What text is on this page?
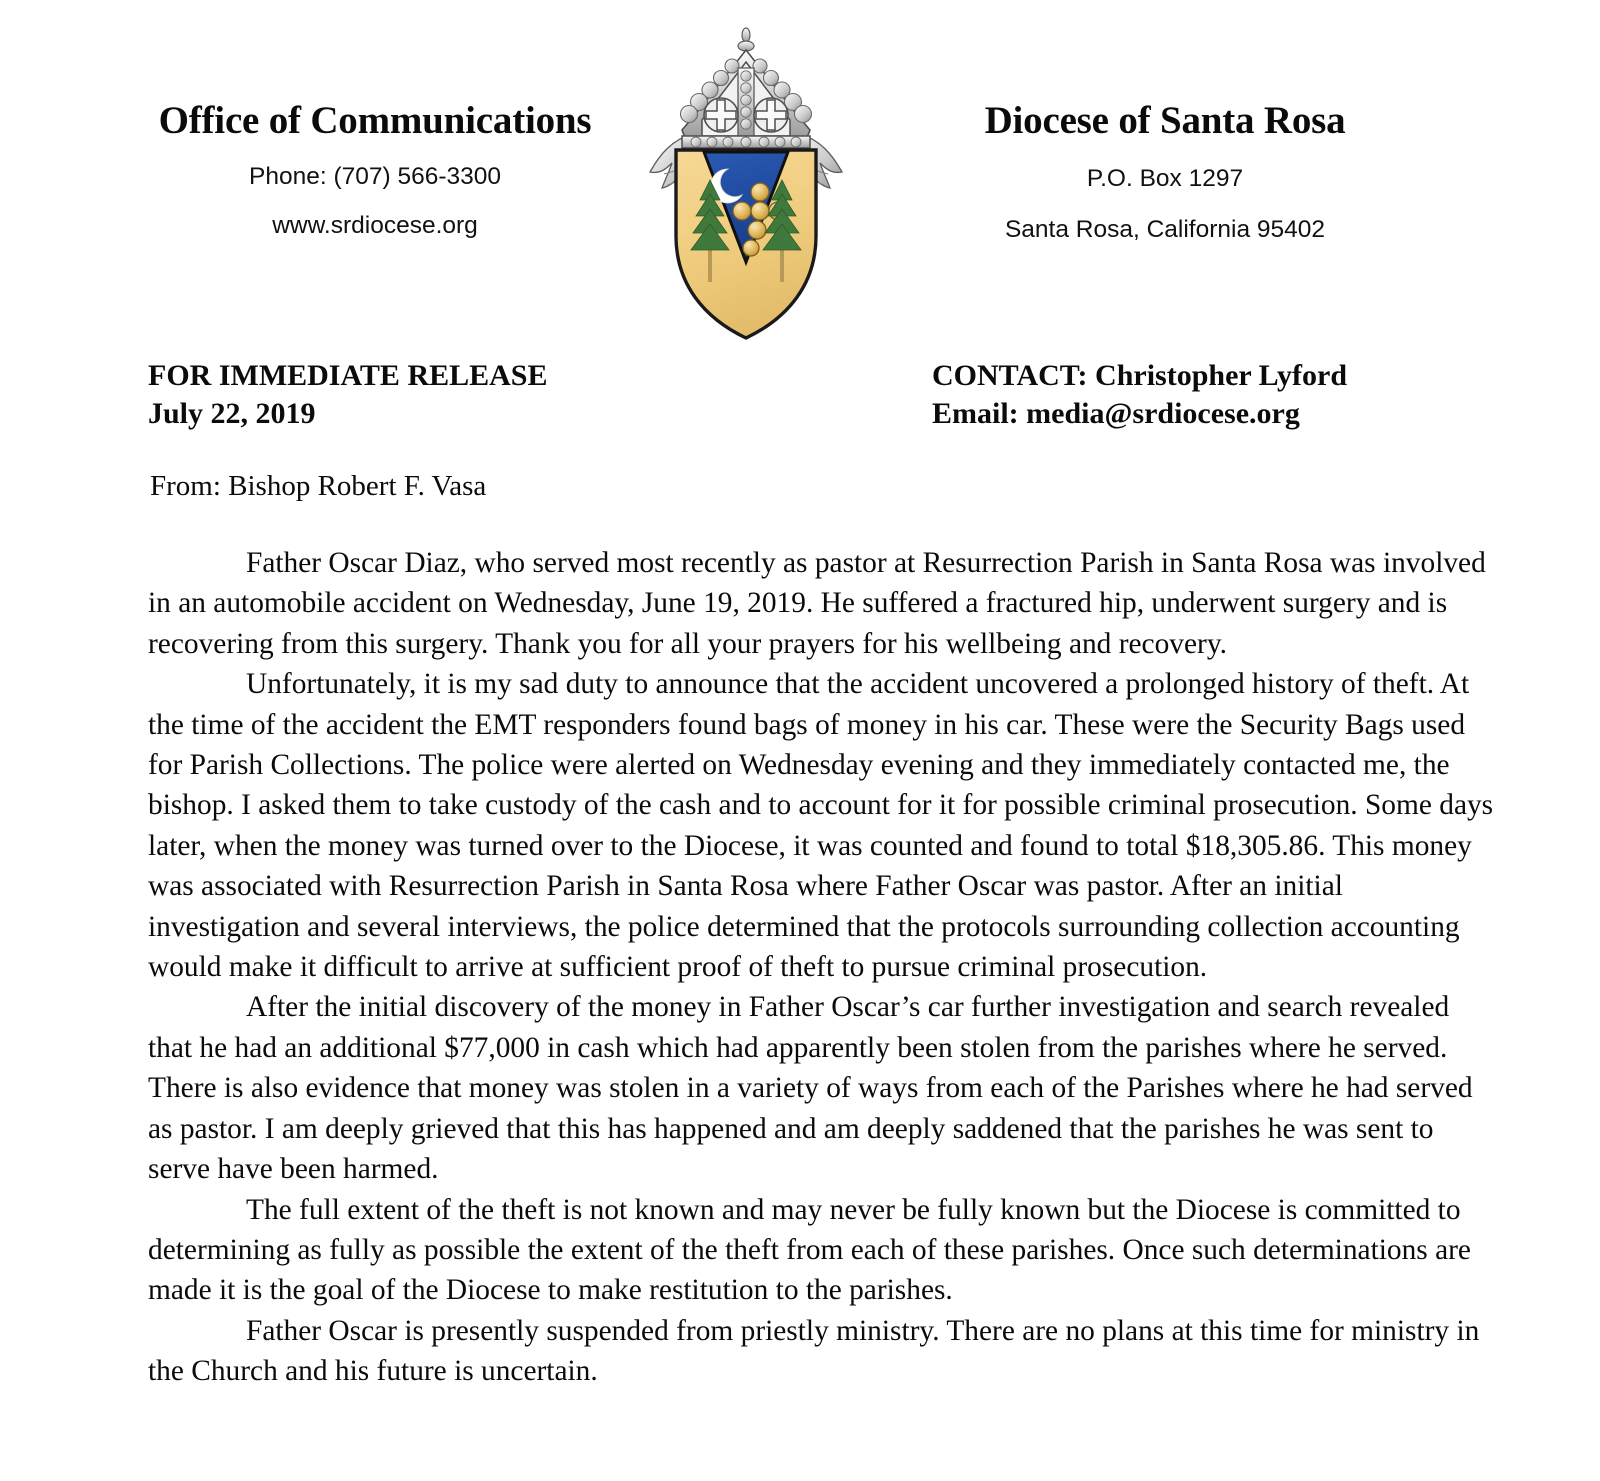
Office of Communications
Phone: (707) 566-3300
www.srdiocese.org
Diocese of Santa Rosa
P.O. Box 1297
Santa Rosa, California 95402
FOR IMMEDIATE RELEASE
July 22, 2019
CONTACT: Christopher Lyford
Email: media@srdiocese.org
From: Bishop Robert F. Vasa

Father Oscar Diaz, who served most recently as pastor at Resurrection Parish in Santa Rosa was involved in an automobile accident on Wednesday, June 19, 2019. He suffered a fractured hip, underwent surgery and is recovering from this surgery. Thank you for all your prayers for his wellbeing and recovery.

Unfortunately, it is my sad duty to announce that the accident uncovered a prolonged history of theft. At the time of the accident the EMT responders found bags of money in his car. These were the Security Bags used for Parish Collections. The police were alerted on Wednesday evening and they immediately contacted me, the bishop. I asked them to take custody of the cash and to account for it for possible criminal prosecution. Some days later, when the money was turned over to the Diocese, it was counted and found to total $18,305.86. This money was associated with Resurrection Parish in Santa Rosa where Father Oscar was pastor. After an initial investigation and several interviews, the police determined that the protocols surrounding collection accounting would make it difficult to arrive at sufficient proof of theft to pursue criminal prosecution.

After the initial discovery of the money in Father Oscar’s car further investigation and search revealed that he had an additional $77,000 in cash which had apparently been stolen from the parishes where he served. There is also evidence that money was stolen in a variety of ways from each of the Parishes where he had served as pastor. I am deeply grieved that this has happened and am deeply saddened that the parishes he was sent to serve have been harmed.

The full extent of the theft is not known and may never be fully known but the Diocese is committed to determining as fully as possible the extent of the theft from each of these parishes. Once such determinations are made it is the goal of the Diocese to make restitution to the parishes.

Father Oscar is presently suspended from priestly ministry. There are no plans at this time for ministry in the Church and his future is uncertain.
